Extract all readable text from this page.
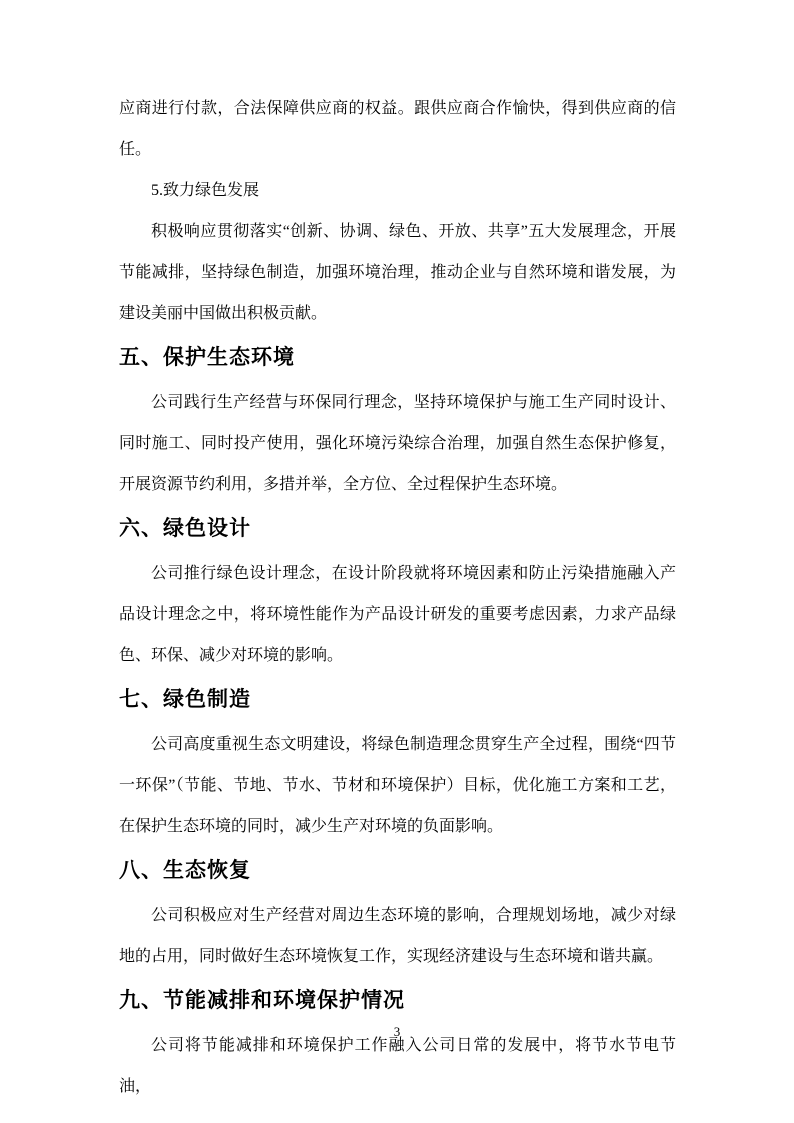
应商进行付款，合法保障供应商的权益。跟供应商合作愉快，得到供应商的信任。

5.致力绿色发展

积极响应贯彻落实“创新、协调、绿色、开放、共享”五大发展理念，开展节能减排，坚持绿色制造，加强环境治理，推动企业与自然环境和谐发展，为建设美丽中国做出积极贡献。

五、保护生态环境

公司践行生产经营与环保同行理念，坚持环境保护与施工生产同时设计、同时施工、同时投产使用，强化环境污染综合治理，加强自然生态保护修复，开展资源节约利用，多措并举，全方位、全过程保护生态环境。

六、绿色设计

公司推行绿色设计理念，在设计阶段就将环境因素和防止污染措施融入产品设计理念之中，将环境性能作为产品设计研发的重要考虑因素，力求产品绿色、环保、减少对环境的影响。

七、绿色制造

公司高度重视生态文明建设，将绿色制造理念贯穿生产全过程，围绕“四节一环保”（节能、节地、节水、节材和环境保护）目标，优化施工方案和工艺，在保护生态环境的同时，减少生产对环境的负面影响。

八、生态恢复

公司积极应对生产经营对周边生态环境的影响，合理规划场地，减少对绿地的占用，同时做好生态环境恢复工作，实现经济建设与生态环境和谐共赢。

九、节能减排和环境保护情况

公司将节能减排和环境保护工作融入公司日常的发展中，将节水节电节油，

3
